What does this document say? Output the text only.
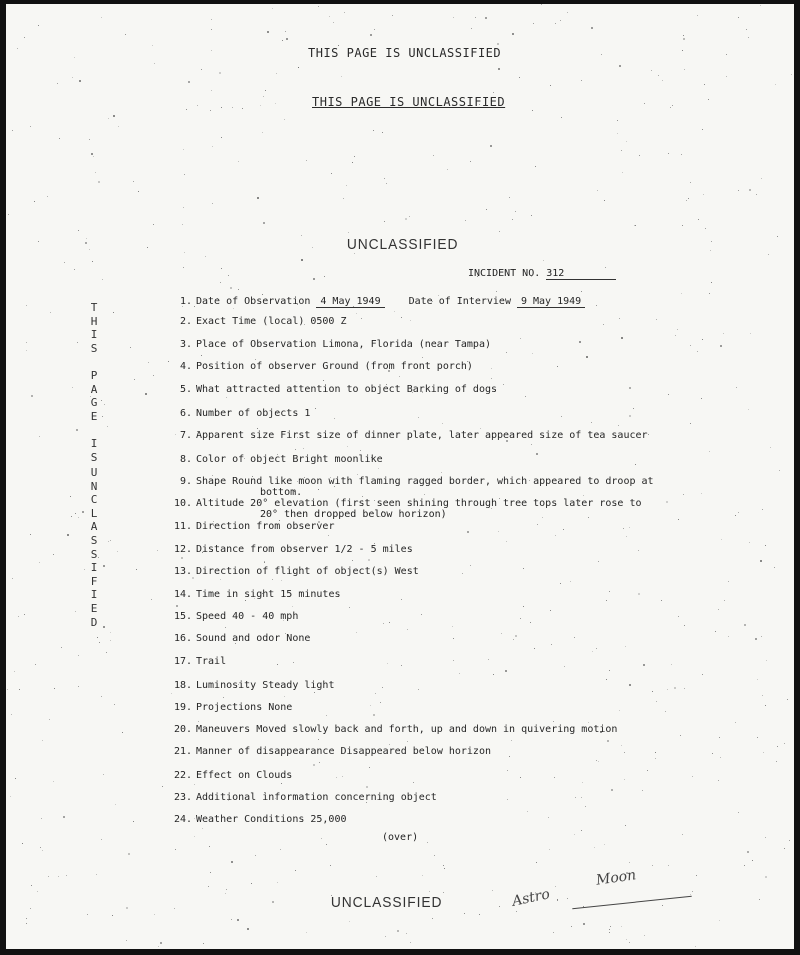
THIS PAGE IS UNCLASSIFIED
THIS PAGE IS UNCLASSIFIED
UNCLASSIFIED
INCIDENT NO. 312
T
H
I
S
P
A
G
E
I
S
U
N
C
L
A
S
S
I
F
I
E
D
1. Date of Observation 4 May 1949	Date of Interview 9 May 1949
2. Exact Time (local) 0500 Z
3. Place of Observation Limona, Florida (near Tampa)
4. Position of observer Ground (from front porch)
5. What attracted attention to object Barking of dogs
6. Number of objects 1
7. Apparent size First size of dinner plate, later appeared size of tea saucer
8. Color of object Bright moonlike
9. Shape Round like moon with flaming ragged border, which appeared to droop at
bottom.
10. Altitude 20° elevation (first seen shining through tree tops later rose to
20° then dropped below horizon)
11. Direction from observer
12. Distance from observer 1/2 - 5 miles
13. Direction of flight of object(s) West
14. Time in sight 15 minutes
15. Speed 40 - 40 mph
16. Sound and odor None
17. Trail
18. Luminosity Steady light
19. Projections None
20. Maneuvers Moved slowly back and forth, up and down in quivering motion
21. Manner of disappearance Disappeared below horizon
22. Effect on Clouds
23. Additional information concerning object
24. Weather Conditions 25,000
(over)
UNCLASSIFIED
Moon
Astro
